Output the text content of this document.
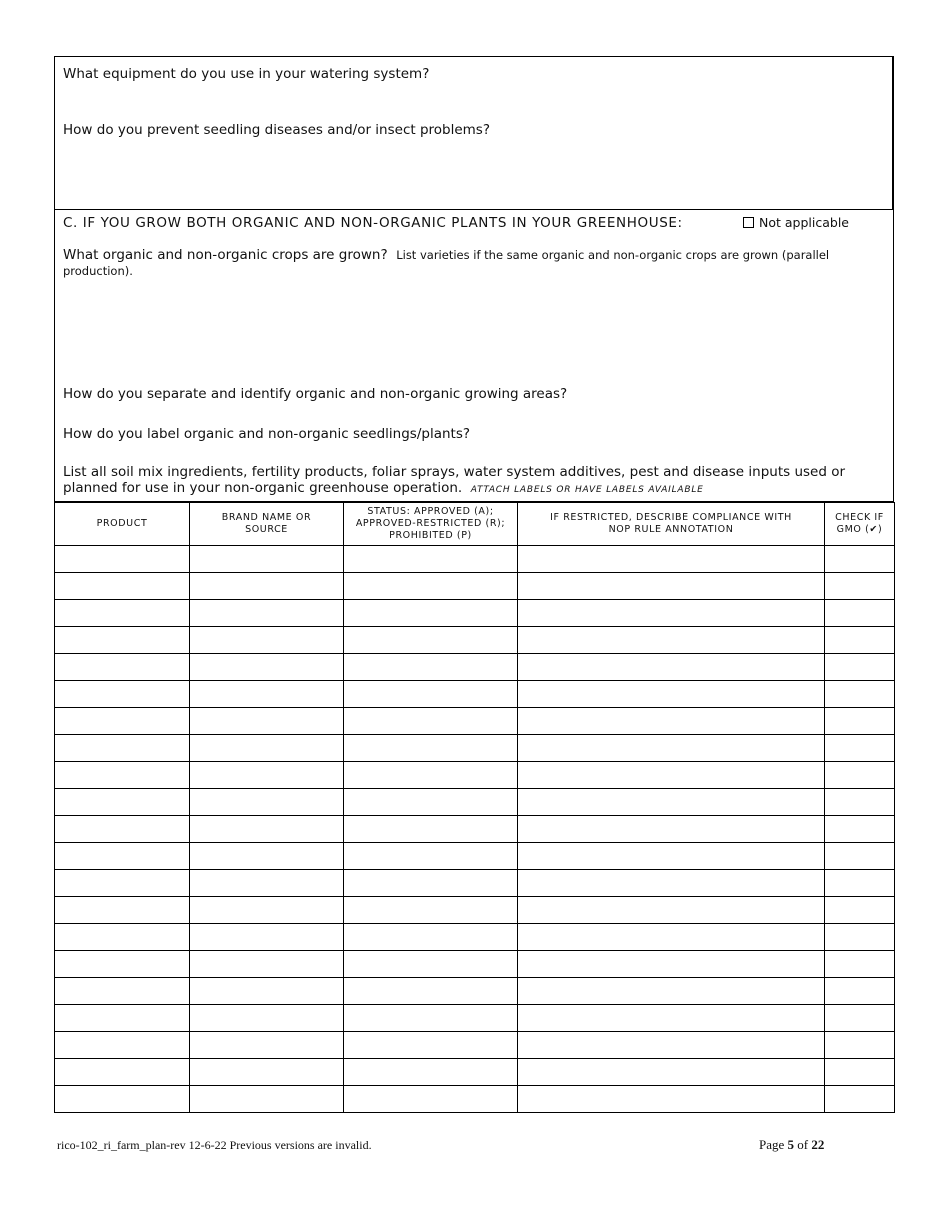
What equipment do you use in your watering system?
How do you prevent seedling diseases and/or insect problems?
C. IF YOU GROW BOTH ORGANIC AND NON-ORGANIC PLANTS IN YOUR GREENHOUSE:	Not applicable
What organic and non-organic crops are grown? List varieties if the same organic and non-organic crops are grown (parallel production).
How do you separate and identify organic and non-organic growing areas?
How do you label organic and non-organic seedlings/plants?
List all soil mix ingredients, fertility products, foliar sprays, water system additives, pest and disease inputs used or planned for use in your non-organic greenhouse operation. ATTACH LABELS OR HAVE LABELS AVAILABLE
PRODUCT	BRAND NAME OR SOURCE	STATUS: APPROVED (A); APPROVED-RESTRICTED (R); PROHIBITED (P)	IF RESTRICTED, DESCRIBE COMPLIANCE WITH NOP RULE ANNOTATION	CHECK IF GMO (✔)

rico-102_ri_farm_plan-rev 12-6-22 Previous versions are invalid.	Page 5 of 22
